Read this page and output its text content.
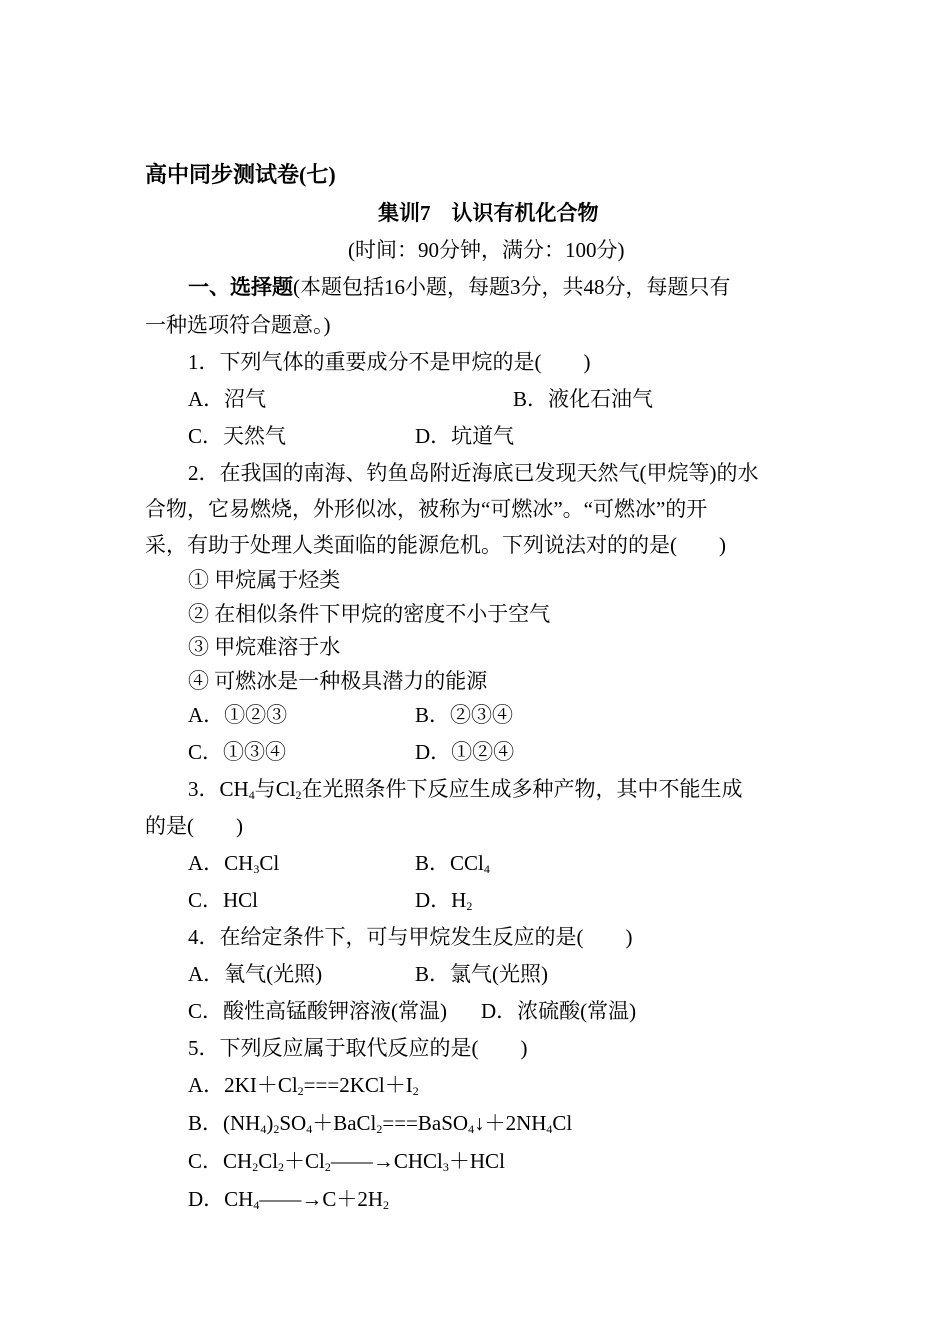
高中同步测试卷(七)
集训7　认识有机化合物
(时间：90分钟，满分：100分)
一、选择题(本题包括16小题，每题3分，共48分，每题只有
一种选项符合题意。)
1．下列气体的重要成分不是甲烷的是(　　)
A．沼气	B．液化石油气
C．天然气	D．坑道气
2．在我国的南海、钓鱼岛附近海底已发现天然气(甲烷等)的水
合物，它易燃烧，外形似冰，被称为“可燃冰”。“可燃冰”的开
采，有助于处理人类面临的能源危机。下列说法对的的是(　　)
① 甲烷属于烃类
② 在相似条件下甲烷的密度不小于空气
③ 甲烷难溶于水
④ 可燃冰是一种极具潜力的能源
A．①②③	B．②③④
C．①③④	D．①②④
3．$CH_4$与$Cl_2$在光照条件下反应生成多种产物，其中不能生成
的是(　　)
A．$CH_3Cl$	B．CCl$_4$
C．HCl	D．$H_2$
4．在给定条件下，可与甲烷发生反应的是(　　)
A．氧气(光照)	B．氯气(光照)
C．酸性高锰酸钾溶液(常温) D．浓硫酸(常温)
5．下列反应属于取代反应的是(　　)
A．$2KI+Cl_2===2KCl+I_2$
B．$(NH_4)_2SO_4+BaCl_2===BaSO_4↓+2NH_4Cl$
C．$CH_2Cl_2+Cl_2——\to CHCl_3+HCl$
D．$CH_4——\to C+2H_2$
